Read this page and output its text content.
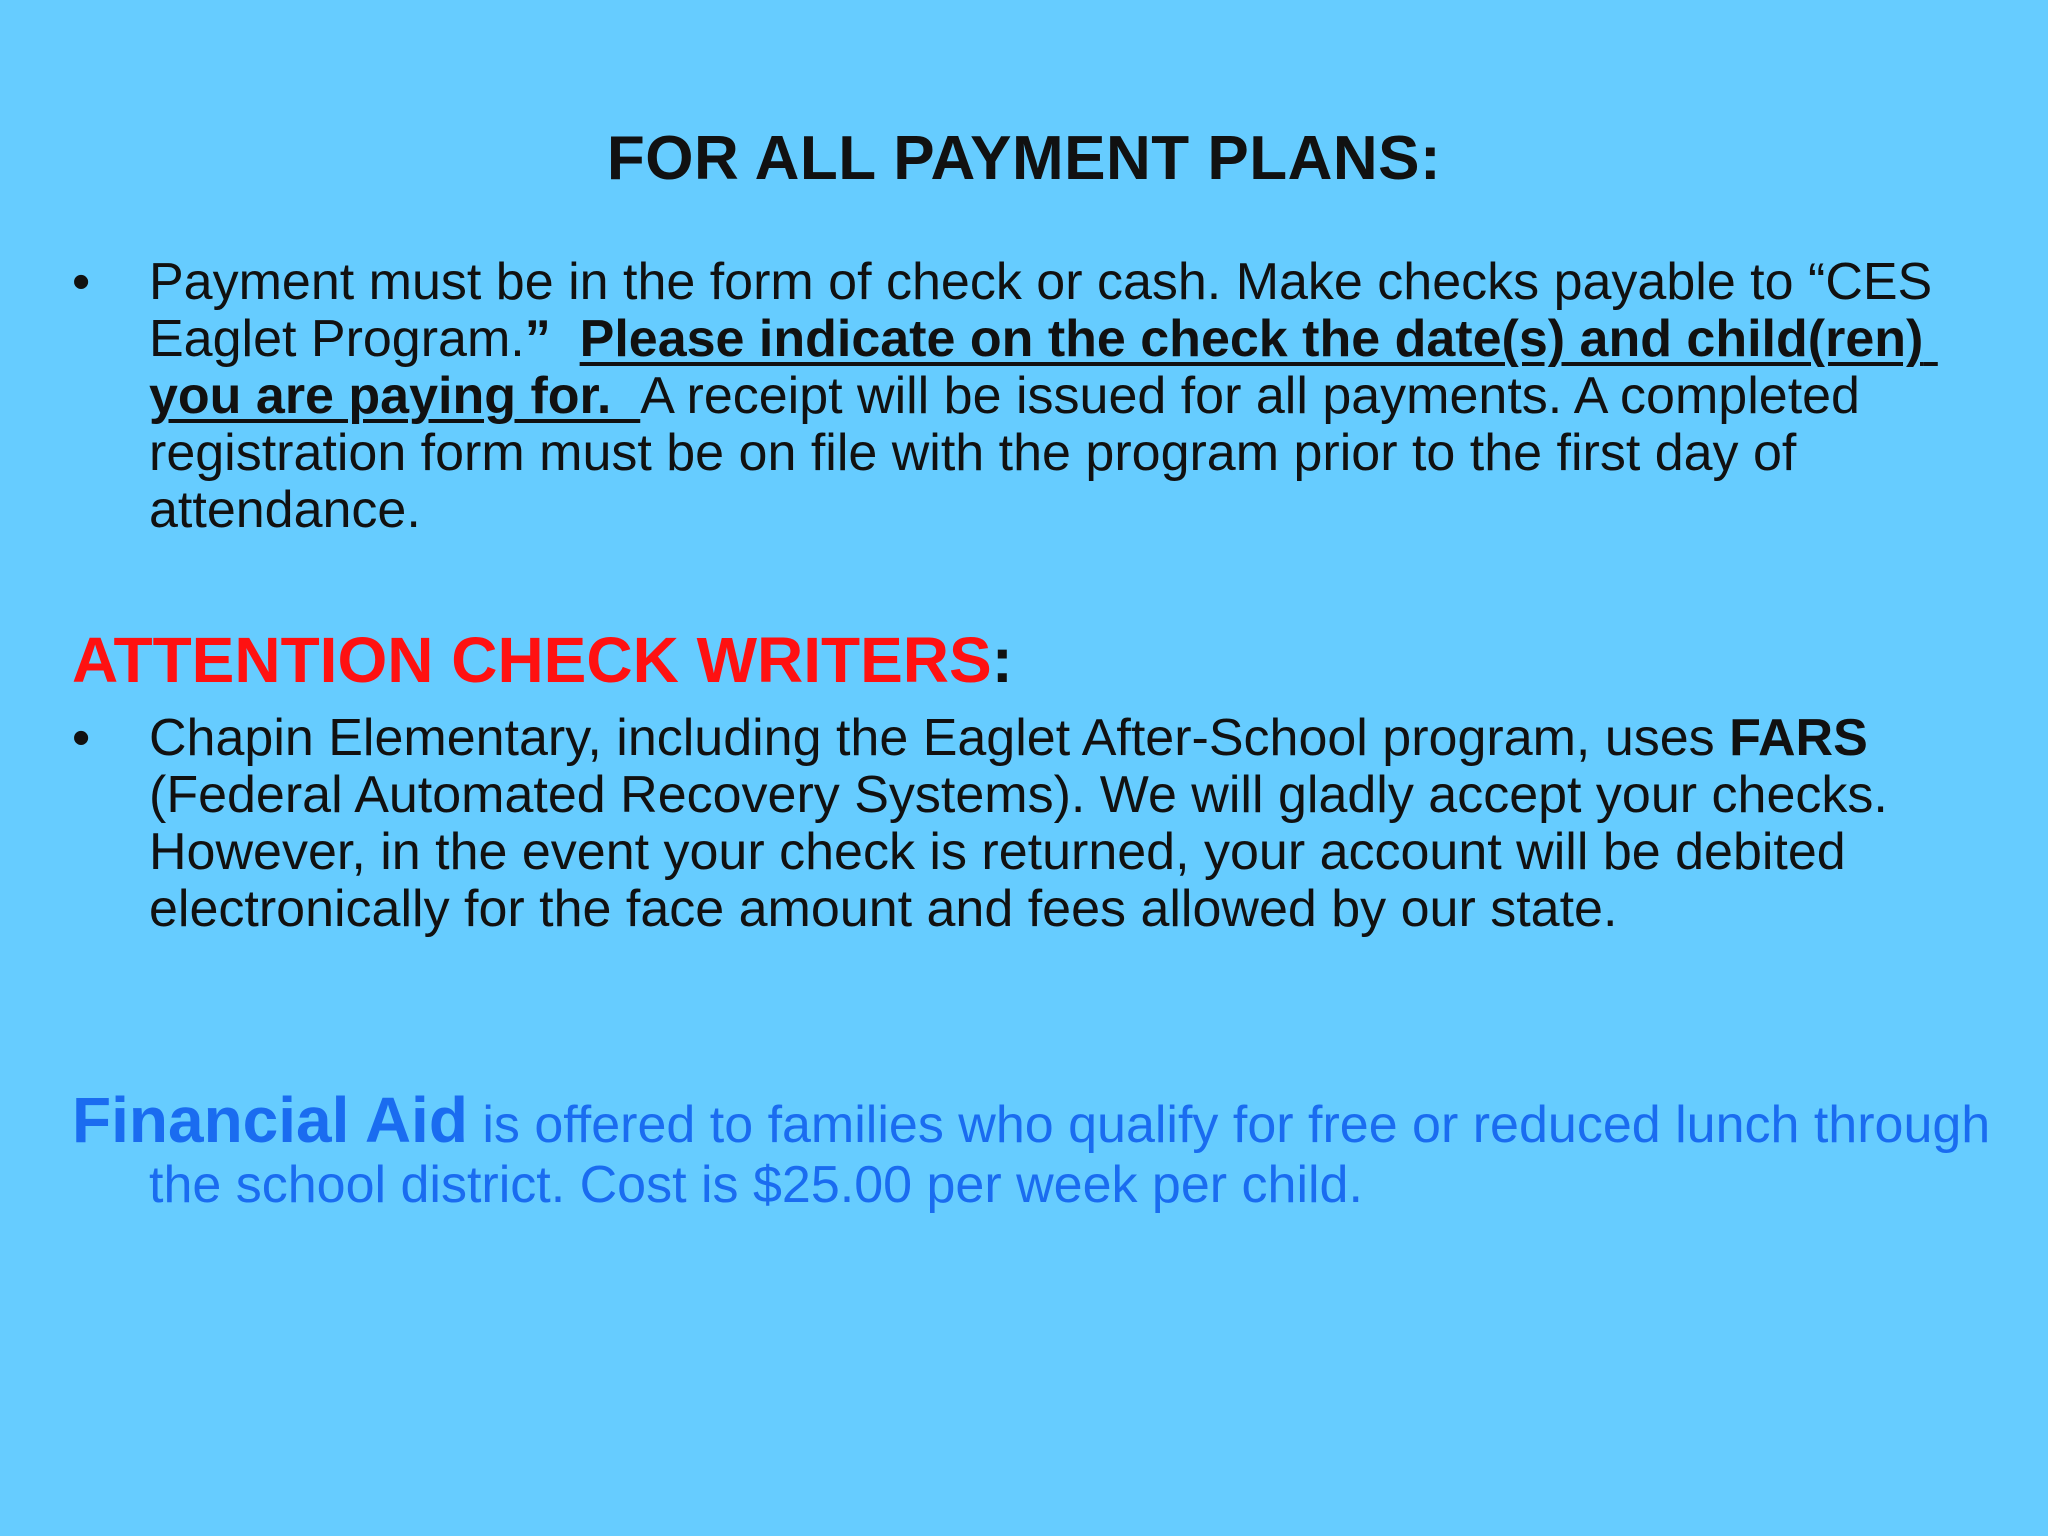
FOR ALL PAYMENT PLANS:
•	Payment must be in the form of check or cash. Make checks payable to “CES Eaglet Program.” Please indicate on the check the date(s) and child(ren) you are paying for.  A receipt will be issued for all payments. A completed registration form must be on file with the program prior to the first day of attendance.
ATTENTION CHECK WRITERS:
•	Chapin Elementary, including the Eaglet After-School program, uses FARS (Federal Automated Recovery Systems). We will gladly accept your checks. However, in the event your check is returned, your account will be debited electronically for the face amount and fees allowed by our state.
Financial Aid is offered to families who qualify for free or reduced lunch through the school district. Cost is $25.00 per week per child.
